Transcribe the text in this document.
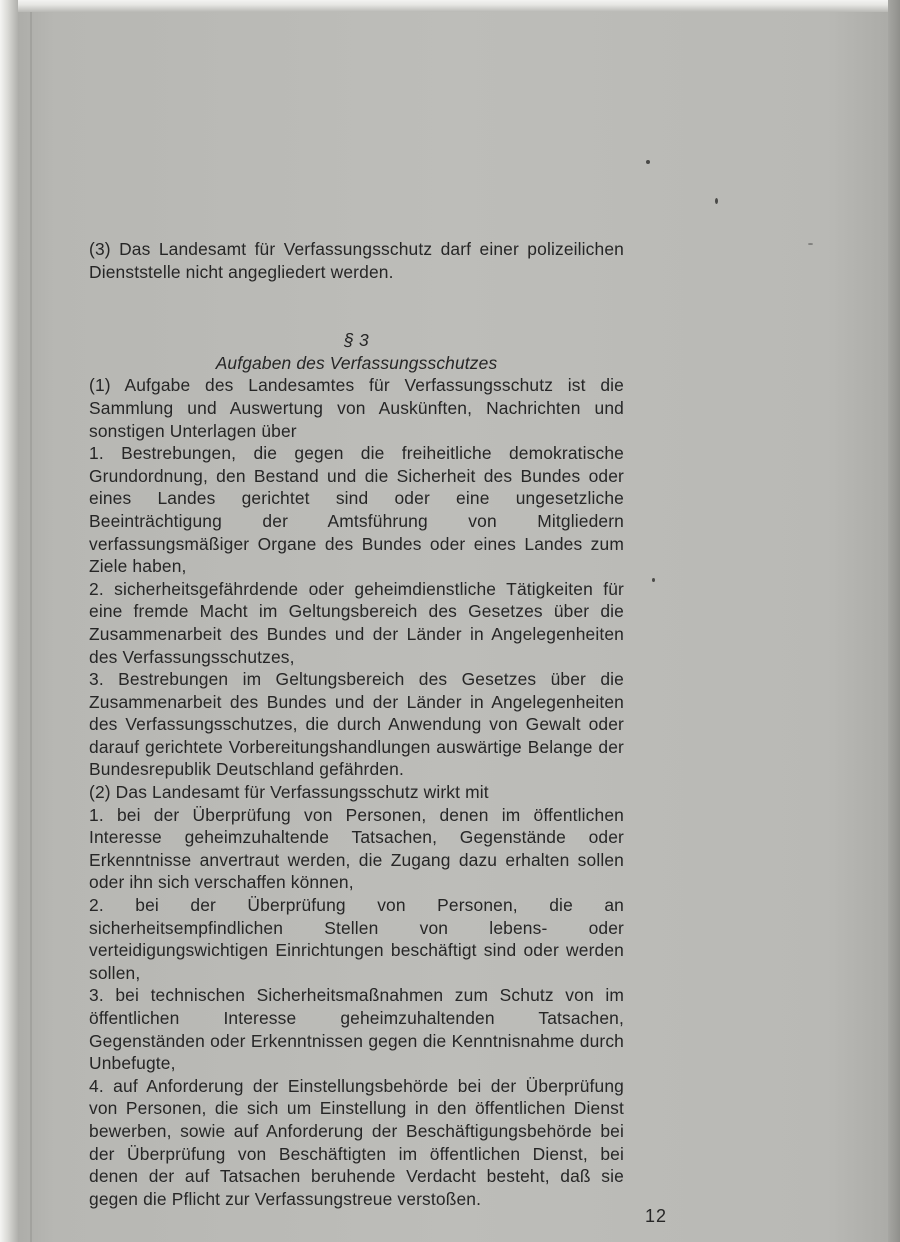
(3) Das Landesamt für Verfassungsschutz darf einer polizeilichen Dienststelle nicht angegliedert werden.

§ 3

Aufgaben des Verfassungsschutzes

(1) Aufgabe des Landesamtes für Verfassungsschutz ist die Sammlung und Auswertung von Auskünften, Nachrichten und sonstigen Unterlagen über

1. Bestrebungen, die gegen die freiheitliche demokratische Grundordnung, den Bestand und die Sicherheit des Bundes oder eines Landes gerichtet sind oder eine ungesetzliche Beeinträchtigung der Amtsführung von Mitgliedern verfassungsmäßiger Organe des Bundes oder eines Landes zum Ziele haben,

2. sicherheitsgefährdende oder geheimdienstliche Tätigkeiten für eine fremde Macht im Geltungsbereich des Gesetzes über die Zusammenarbeit des Bundes und der Länder in Angelegenheiten des Verfassungsschutzes,

3. Bestrebungen im Geltungsbereich des Gesetzes über die Zusammenarbeit des Bundes und der Länder in Angelegenheiten des Verfassungsschutzes, die durch Anwendung von Gewalt oder darauf gerichtete Vorbereitungshandlungen auswärtige Belange der Bundesrepublik Deutschland gefährden.

(2) Das Landesamt für Verfassungsschutz wirkt mit

1. bei der Überprüfung von Personen, denen im öffentlichen Interesse geheimzuhaltende Tatsachen, Gegenstände oder Erkenntnisse anvertraut werden, die Zugang dazu erhalten sollen oder ihn sich verschaffen können,

2. bei der Überprüfung von Personen, die an sicherheitsempfindlichen Stellen von lebens- oder verteidigungswichtigen Einrichtungen beschäftigt sind oder werden sollen,

3. bei technischen Sicherheitsmaßnahmen zum Schutz von im öffentlichen Interesse geheimzuhaltenden Tatsachen, Gegenständen oder Erkenntnissen gegen die Kenntnisnahme durch Unbefugte,

4. auf Anforderung der Einstellungsbehörde bei der Überprüfung von Personen, die sich um Einstellung in den öffentlichen Dienst bewerben, sowie auf Anforderung der Beschäftigungsbehörde bei der Überprüfung von Beschäftigten im öffentlichen Dienst, bei denen der auf Tatsachen beruhende Verdacht besteht, daß sie gegen die Pflicht zur Verfassungstreue verstoßen.

12
